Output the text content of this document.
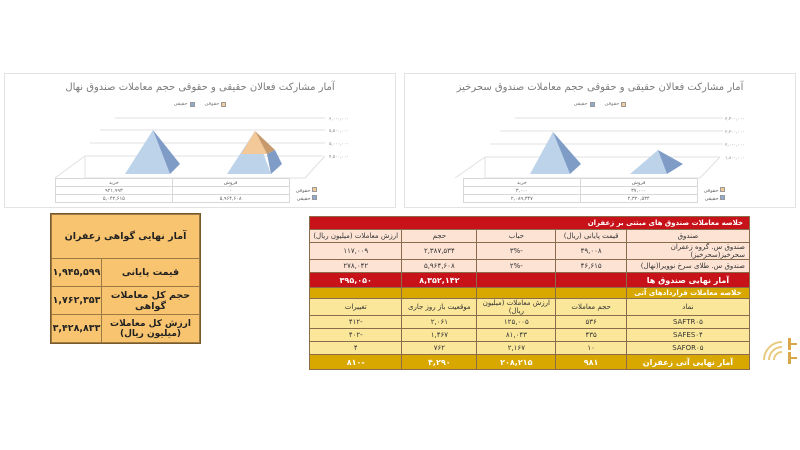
آمار مشارکت فعالان حقیقی و حقوقی حجم معاملات صندوق نهال
حقوقی
حقیقی
۶,۰۰۰,۰۰۰
۵,۵۰۰,۰۰۰
۵,۰۰۰,۰۰۰
۴,۵۰۰,۰۰۰
	فروش	خرید
حقوقی	۰	۹۲۱,۹۹۳
حقیقی	۵,۹۶۴,۶۰۸	۵,۰۴۲,۶۱۵
آمار مشارکت فعالان حقیقی و حقوقی حجم معاملات صندوق سحرخیز
حقوقی
حقیقی
۲,۴۰۰,۰۰۰
۲,۲۰۰,۰۰۰
۲,۰۰۰,۰۰۰
۱,۸۰۰,۰۰۰
	فروش	خرید
حقوقی	۳۷,۰۰۰	۳,۰۰۰
حقیقی	۲,۳۲۰,۵۳۴	۲,۰۸۹,۳۴۷
آمار نهایی گواهی زعفران	
قیمت پایانی	۱,۹۴۵,۵۹۹
حجم کل معاملات گواهی	۱,۷۶۲,۳۵۳
ارزش کل معاملات (میلیون ریال)	۳,۴۲۸,۸۳۳
خلاصه معاملات صندوق های مبتنی بر زعفران				
صندوق	قیمت پایانی (ریال)	حباب	حجم	ارزش معاملات (میلیون ریال)
صندوق س. گروه زعفران سحرخیز(سحرخیز)	۴۹,۰۰۸	-۳%	۲,۳۸۷,۵۳۴	۱۱۷,۰۰۹
صندوق س. طلای سرخ نوویرا(نهال)	۴۶,۶۱۵	-۲%	۵,۹۶۴,۶۰۸	۲۷۸,۰۴۲
آمار نهایی صندوق ها			۸,۳۵۲,۱۴۲	۳۹۵,۰۵۰
خلاصه معاملات قراردادهای آتی				
نماد	حجم معاملات	ارزش معاملات (میلیون ریال)	موقعیت باز روز جاری	تغییرات
SAFTR۰۵	۵۳۶	۱۲۵,۰۰۵	۲,۰۶۱	-۴۱۲
SAFES۰۴	۴۳۵	۸۱,۰۴۳	۱,۴۶۷	-۴۰۲
SAFOR۰۵	۱۰	۲,۱۶۷	۷۶۲	۴
آمار نهایی آتی زعفران	۹۸۱	۲۰۸,۲۱۵	۴,۲۹۰	-۸۱۰
